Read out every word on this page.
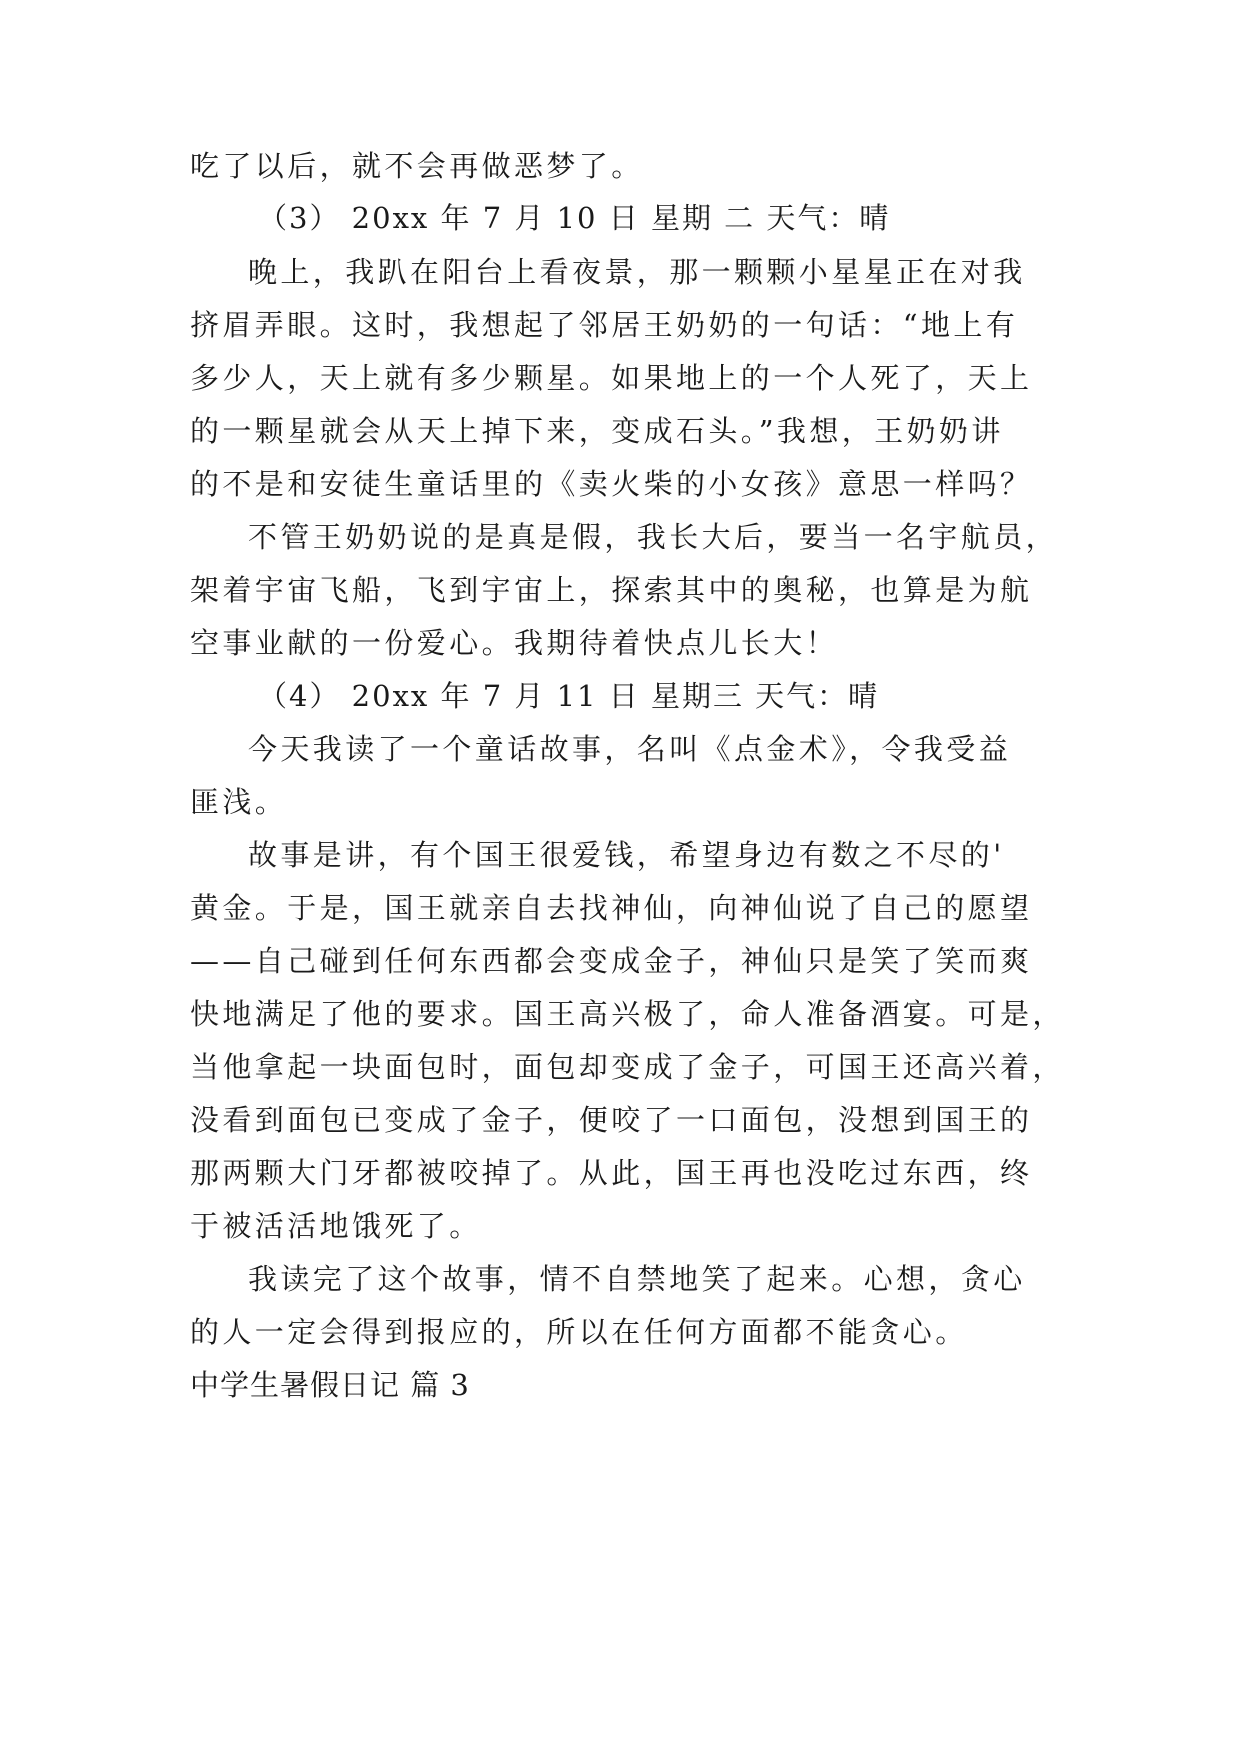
吃了以后，就不会再做恶梦了。
（3） 20xx 年 7 月 10 日 星期 二 天气：晴
晚上，我趴在阳台上看夜景，那一颗颗小星星正在对我
挤眉弄眼。这时，我想起了邻居王奶奶的一句话：“地上有
多少人，天上就有多少颗星。如果地上的一个人死了，天上
的一颗星就会从天上掉下来，变成石头。”我想，王奶奶讲
的不是和安徒生童话里的《卖火柴的小女孩》意思一样吗？
不管王奶奶说的是真是假，我长大后，要当一名宇航员，
架着宇宙飞船，飞到宇宙上，探索其中的奥秘，也算是为航
空事业献的一份爱心。我期待着快点儿长大！
（4） 20xx 年 7 月 11 日 星期三 天气：晴
今天我读了一个童话故事，名叫《点金术》，令我受益
匪浅。
故事是讲，有个国王很爱钱，希望身边有数之不尽的'
黄金。于是，国王就亲自去找神仙，向神仙说了自己的愿望
——自己碰到任何东西都会变成金子，神仙只是笑了笑而爽
快地满足了他的要求。国王高兴极了，命人准备酒宴。可是，
当他拿起一块面包时，面包却变成了金子，可国王还高兴着，
没看到面包已变成了金子，便咬了一口面包，没想到国王的
那两颗大门牙都被咬掉了。从此，国王再也没吃过东西，终
于被活活地饿死了。
我读完了这个故事，情不自禁地笑了起来。心想，贪心
的人一定会得到报应的，所以在任何方面都不能贪心。
中学生暑假日记 篇 3
